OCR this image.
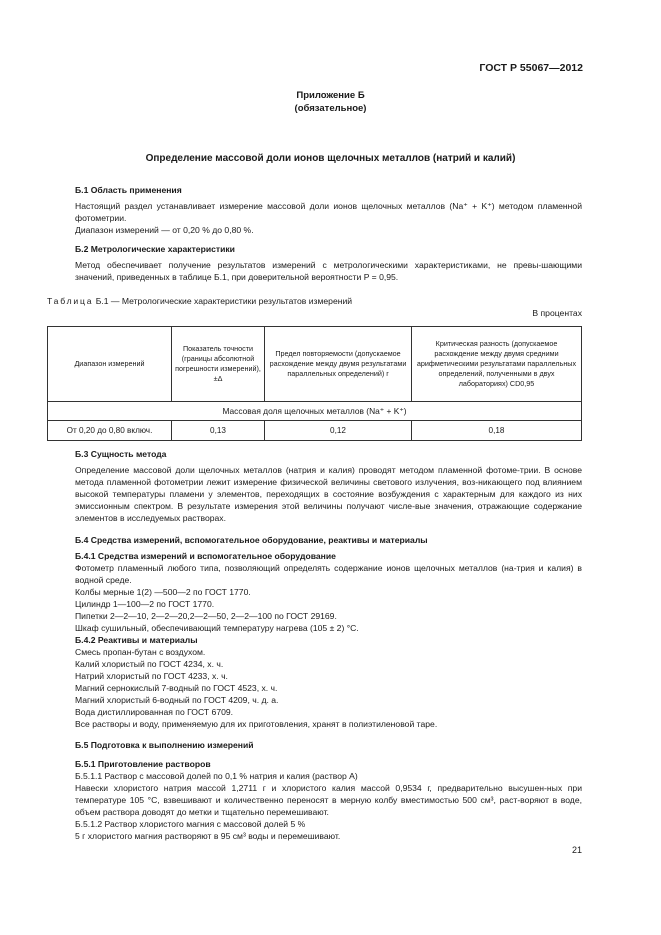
ГОСТ Р 55067—2012
Приложение Б
(обязательное)
Определение массовой доли ионов щелочных металлов (натрий и калий)

Б.1 Область применения

Настоящий раздел устанавливает измерение массовой доли ионов щелочных металлов (Na⁺ + K⁺) методом пламенной фотометрии.

Диапазон измерений — от 0,20 % до 0,80 %.

Б.2 Метрологические характеристики

Метод обеспечивает получение результатов измерений с метрологическими характеристиками, не превы-шающими значений, приведенных в таблице Б.1, при доверительной вероятности P = 0,95.

Таблица Б.1 — Метрологические характеристики результатов измерений
В процентах
Диапазон измерений	Показатель точности (границы абсолютной погрешности измерений), ±Δ	Предел повторяемости (допускаемое расхождение между двумя результатами параллельных определений) r	Критическая разность (допускаемое расхождение между двумя средними арифметическими результатами параллельных определений, полученными в двух лабораториях) CD0,95
Массовая доля щелочных металлов (Na⁺ + K⁺)			
От 0,20 до 0,80 включ.	0,13	0,12	0,18

Б.3 Сущность метода

Определение массовой доли щелочных металлов (натрия и калия) проводят методом пламенной фотоме-трии. В основе метода пламенной фотометрии лежит измерение физической величины светового излучения, воз-никающего под влиянием высокой температуры пламени у элементов, переходящих в состояние возбуждения с характерным для каждого из них эмиссионным спектром. В результате измерения этой величины получают числе-вые значения, отражающие содержание элементов в исследуемых растворах.

Б.4 Средства измерений, вспомогательное оборудование, реактивы и материалы

Б.4.1 Средства измерений и вспомогательное оборудование

Фотометр пламенный любого типа, позволяющий определять содержание ионов щелочных металлов (на-трия и калия) в водной среде.

Колбы мерные 1(2) —500—2 по ГОСТ 1770.

Цилиндр 1—100—2 по ГОСТ 1770.

Пипетки 2—2—10, 2—2—20,2—2—50, 2—2—100 по ГОСТ 29169.

Шкаф сушильный, обеспечивающий температуру нагрева (105 ± 2) °С.

Б.4.2 Реактивы и материалы

Смесь пропан-бутан с воздухом.

Калий хлористый по ГОСТ 4234, х. ч.

Натрий хлористый по ГОСТ 4233, х. ч.

Магний сернокислый 7-водный по ГОСТ 4523, х. ч.

Магний хлористый 6-водный по ГОСТ 4209, ч. д. а.

Вода дистиллированная по ГОСТ 6709.

Все растворы и воду, применяемую для их приготовления, хранят в полиэтиленовой таре.

Б.5 Подготовка к выполнению измерений

Б.5.1 Приготовление растворов

Б.5.1.1 Раствор с массовой долей по 0,1 % натрия и калия (раствор А)

Навески хлористого натрия массой 1,2711 г и хлористого калия массой 0,9534 г, предварительно высушен-ных при температуре 105 °С, взвешивают и количественно переносят в мерную колбу вместимостью 500 см³, раст-воряют в воде, объем раствора доводят до метки и тщательно перемешивают.

Б.5.1.2 Раствор хлористого магния с массовой долей 5 %

5 г хлористого магния растворяют в 95 см³ воды и перемешивают.

21
